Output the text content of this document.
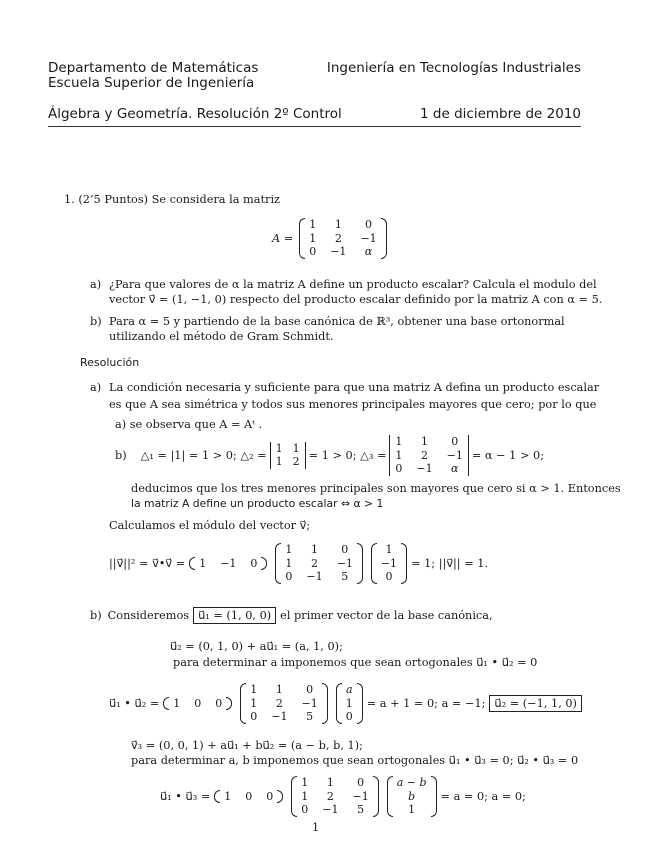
Departamento de Matemáticas
Escuela Superior de Ingeniería
Ingeniería en Tecnologías Industriales
Álgebra y Geometría. Resolución 2º Control	1 de diciembre de 2010
1. (2’5 Puntos) Se considera la matriz
A =
1	1	0
1	2	−1
0 −1	α
a) ¿Para que valores de α la matriz A define un producto escalar? Calcula el modulo del
vector v⃗ = (1, −1, 0) respecto del producto escalar definido por la matriz A con α = 5.
b) Para α = 5 y partiendo de la base canónica de ℝ³, obtener una base ortonormal
utilizando el método de Gram Schmidt.
Resolución
a) La condición necesaria y suficiente para que una matriz A defina un producto escalar
es que A sea simétrica y todos sus menores principales mayores que cero; por lo que
a) se observa que A = Aᵗ .
b) △₁ = |1| = 1 > 0; △₂ =
1 1
1 2 = 1 > 0; △₃ =
1	1	0
1	2	−1
0 −1	α
= α − 1 > 0;
deducimos que los tres menores principales son mayores que cero si α > 1. Entonces
la matriz A define un producto escalar ⇔ α > 1
Calculamos el módulo del vector v⃗;
||v⃗||² = v⃗•v⃗ = 1 −1 0
1	1	0
1	2	−1
0 −1	5
1
−1
0
= 1; ||v⃗|| = 1.
b) Consideremos u⃗₁ = (1, 0, 0) el primer vector de la base canónica,
u⃗₂ = (0, 1, 0) + au⃗₁ = (a, 1, 0);
para determinar a imponemos que sean ortogonales u⃗₁ • u⃗₂ = 0
u⃗₁ • u⃗₂ = 1 0 0
1	1	0
1	2	−1
0 −1	5
a
1
0
= a + 1 = 0; a = −1; u⃗₂ = (−1, 1, 0)
v⃗₃ = (0, 0, 1) + au⃗₁ + bu⃗₂ = (a − b, b, 1);
para determinar a, b imponemos que sean ortogonales u⃗₁ • u⃗₃ = 0; u⃗₂ • u⃗₃ = 0
u⃗₁ • u⃗₃ = 1 0 0
1	1	0
1	2	−1
0 −1	5
a − b
b
1
= a = 0; a = 0;
1
